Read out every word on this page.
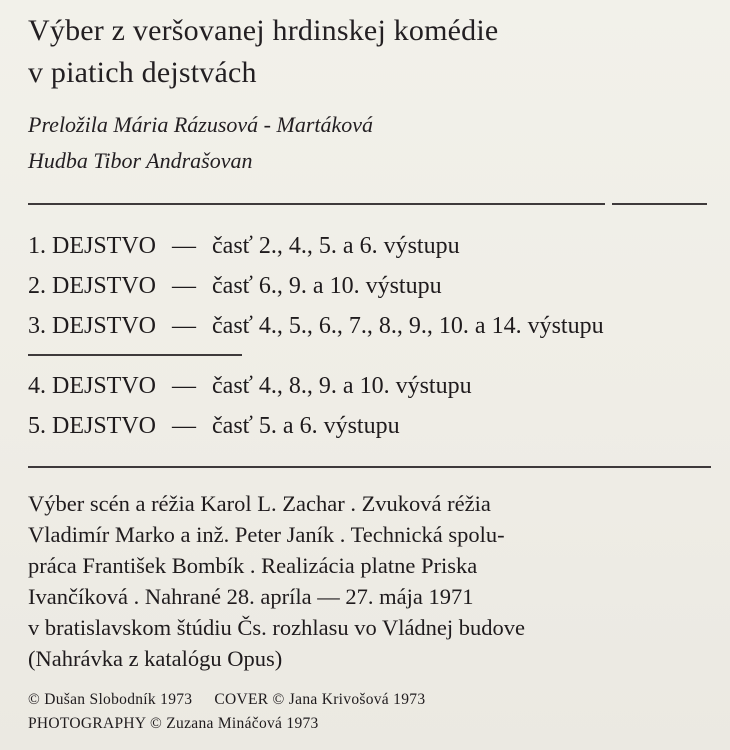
Výber z veršovanej hrdinskej komédie
v piatich dejstvách
Preložila Mária Rázusová - Martáková
Hudba Tibor Andrašovan
1. DEJSTVO — časť 2., 4., 5. a 6. výstupu
2. DEJSTVO — časť 6., 9. a 10. výstupu
3. DEJSTVO — časť 4., 5., 6., 7., 8., 9., 10. a 14. výstupu
4. DEJSTVO — časť 4., 8., 9. a 10. výstupu
5. DEJSTVO — časť 5. a 6. výstupu
Výber scén a réžia Karol L. Zachar . Zvuková réžia
Vladimír Marko a inž. Peter Janík . Technická spolu-
práca František Bombík . Realizácia platne Priska
Ivančíková . Nahrané 28. apríla — 27. mája 1971
v bratislavskom štúdiu Čs. rozhlasu vo Vládnej budove
(Nahrávka z katalógu Opus)
© Dušan Slobodník 1973 COVER © Jana Krivošová 1973
PHOTOGRAPHY © Zuzana Mináčová 1973
